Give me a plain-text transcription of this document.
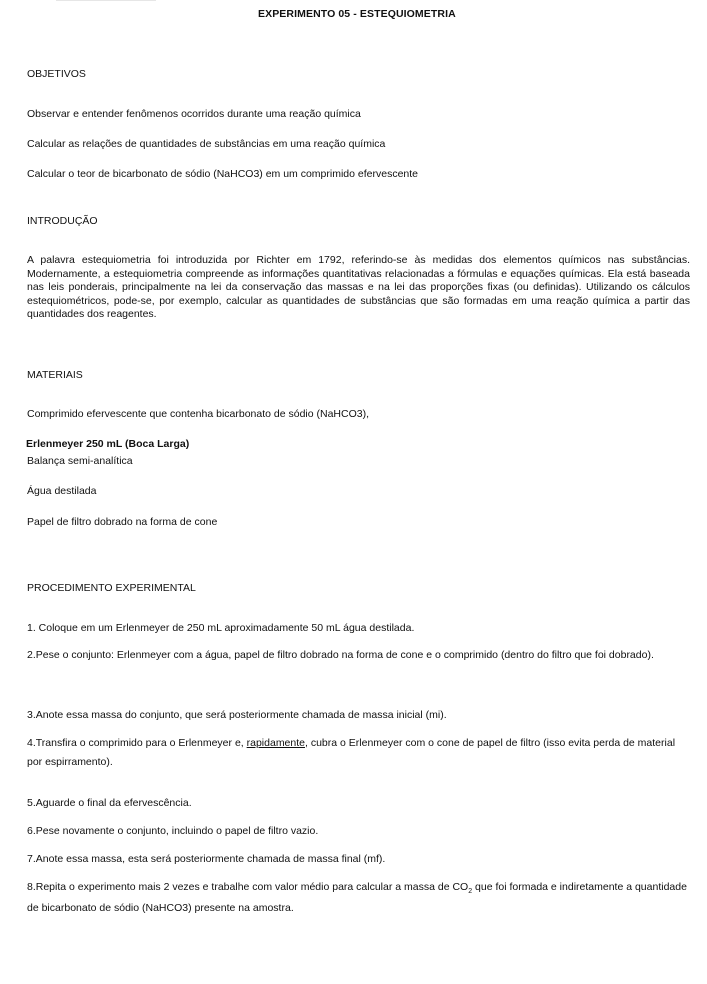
EXPERIMENTO 05 - ESTEQUIOMETRIA
OBJETIVOS
Observar e entender fenômenos ocorridos durante uma reação química
Calcular as relações de quantidades de substâncias em uma reação química
Calcular o teor de bicarbonato de sódio (NaHCO3) em um comprimido efervescente
INTRODUÇÃO
A palavra estequiometria foi introduzida por Richter em 1792, referindo-se às medidas dos elementos químicos nas substâncias. Modernamente, a estequiometria compreende as informações quantitativas relacionadas a fórmulas e equações químicas. Ela está baseada nas leis ponderais, principalmente na lei da conservação das massas e na lei das proporções fixas (ou definidas). Utilizando os cálculos estequiométricos, pode-se, por exemplo, calcular as quantidades de substâncias que são formadas em uma reação química a partir das quantidades dos reagentes.
MATERIAIS
Comprimido efervescente que contenha bicarbonato de sódio (NaHCO3),
Erlenmeyer 250 mL (Boca Larga)
Balança semi-analítica
Água destilada
Papel de filtro dobrado na forma de cone
PROCEDIMENTO EXPERIMENTAL
1. Coloque em um Erlenmeyer de 250 mL aproximadamente 50 mL água destilada.
2.Pese o conjunto: Erlenmeyer com a água, papel de filtro dobrado na forma de cone e o comprimido (dentro do filtro que foi dobrado).
3.Anote essa massa do conjunto, que será posteriormente chamada de massa inicial (mi).
4.Transfira o comprimido para o Erlenmeyer e, rapidamente, cubra o Erlenmeyer com o cone de papel de filtro (isso evita perda de material por espirramento).
5.Aguarde o final da efervescência.
6.Pese novamente o conjunto, incluindo o papel de filtro vazio.
7.Anote essa massa, esta será posteriormente chamada de massa final (mf).
8.Repita o experimento mais 2 vezes e trabalhe com valor médio para calcular a massa de $CO_2$ que foi formada e indiretamente a quantidade de bicarbonato de sódio (NaHCO3) presente na amostra.
